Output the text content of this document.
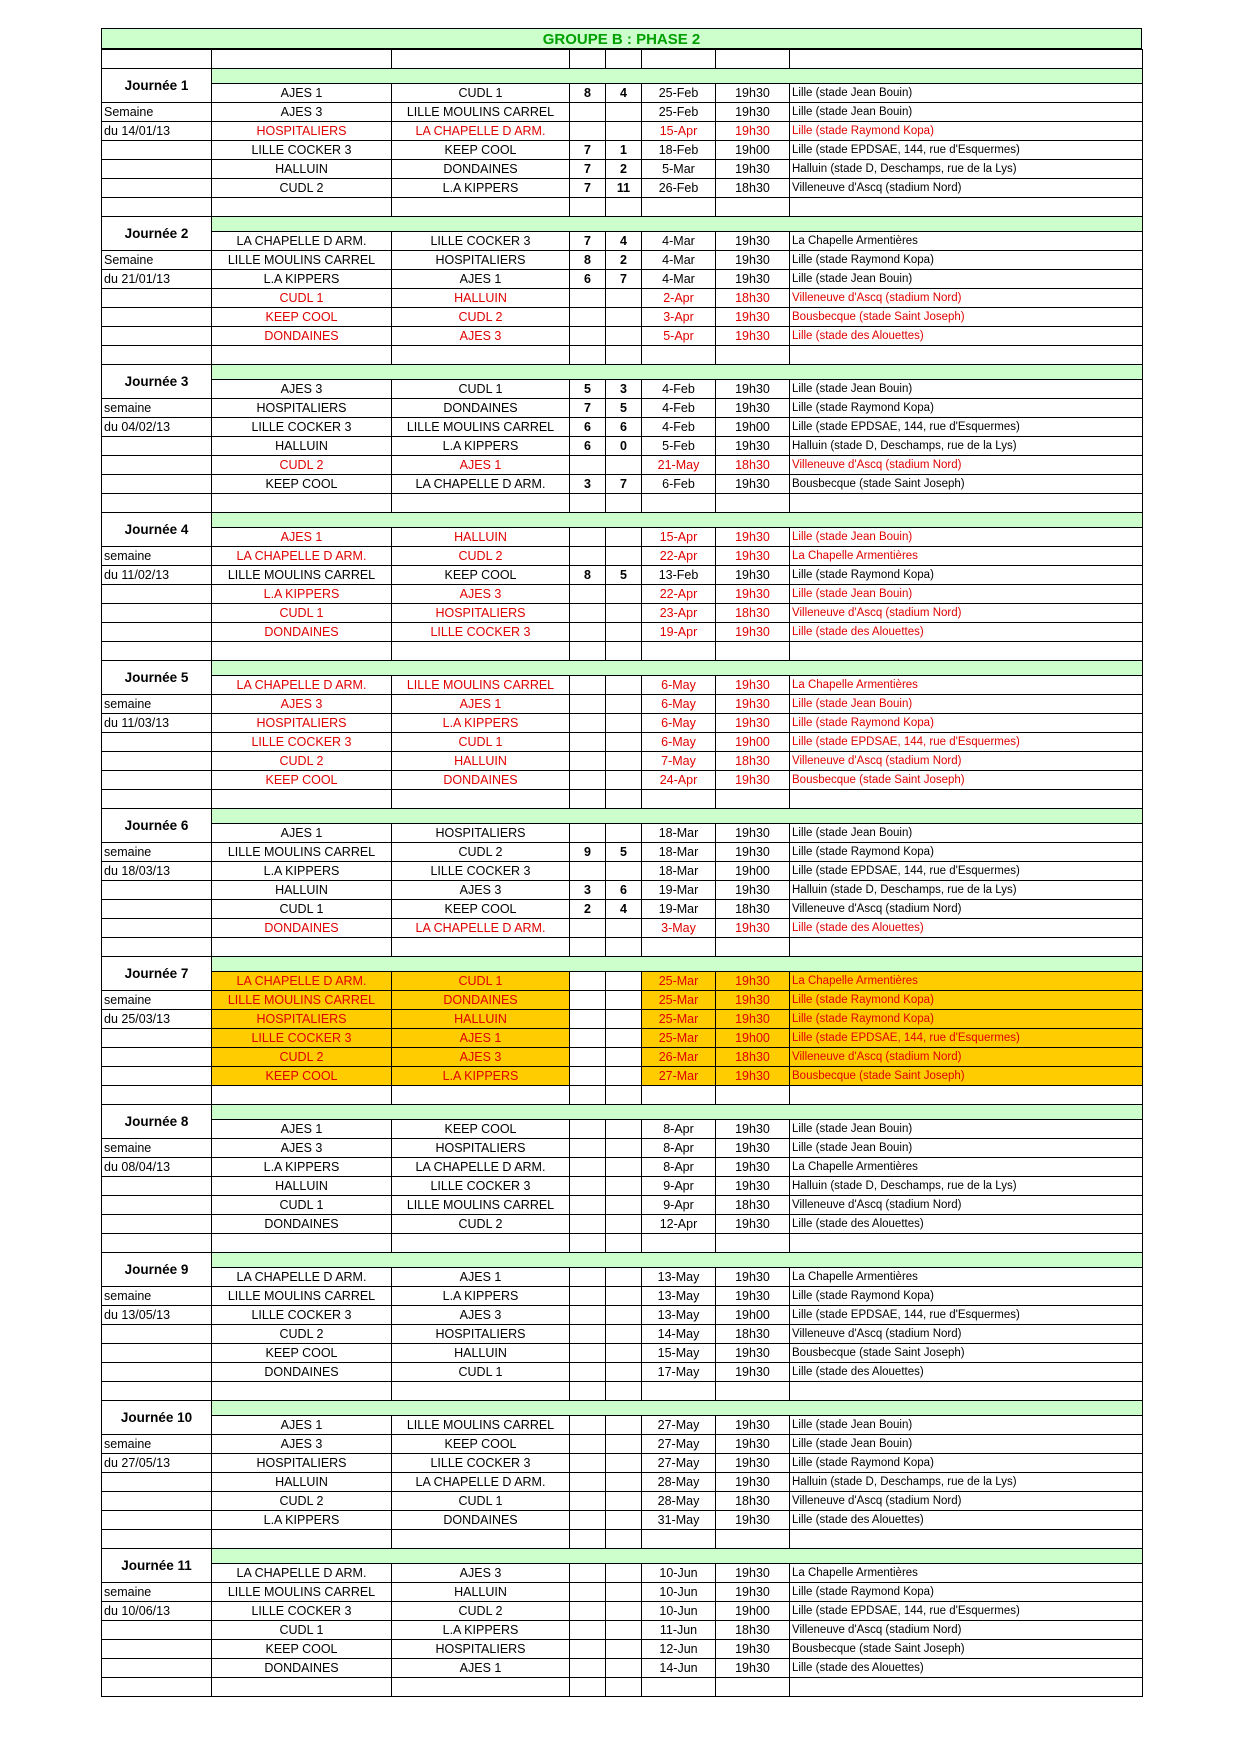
GROUPE B : PHASE 2

Journée 1							
	AJES 1	CUDL 1	8	4	25-Feb	19h30	Lille (stade Jean Bouin)
Semaine	AJES 3	LILLE MOULINS CARREL			25-Feb	19h30	Lille (stade Jean Bouin)
du 14/01/13	HOSPITALIERS	LA CHAPELLE D ARM.			15-Apr	19h30	Lille (stade Raymond Kopa)
	LILLE COCKER 3	KEEP COOL	7	1	18-Feb	19h00	Lille (stade EPDSAE, 144, rue d'Esquermes)
	HALLUIN	DONDAINES	7	2	5-Mar	19h30	Halluin (stade D, Deschamps, rue de la Lys)
	CUDL 2	L.A KIPPERS	7	11	26-Feb	18h30	Villeneuve d'Ascq (stadium Nord)

Journée 2							
	LA CHAPELLE D ARM.	LILLE COCKER 3	7	4	4-Mar	19h30	La Chapelle Armentières
Semaine	LILLE MOULINS CARREL	HOSPITALIERS	8	2	4-Mar	19h30	Lille (stade Raymond Kopa)
du 21/01/13	L.A KIPPERS	AJES 1	6	7	4-Mar	19h30	Lille (stade Jean Bouin)
	CUDL 1	HALLUIN			2-Apr	18h30	Villeneuve d'Ascq (stadium Nord)
	KEEP COOL	CUDL 2			3-Apr	19h30	Bousbecque (stade Saint Joseph)
	DONDAINES	AJES 3			5-Apr	19h30	Lille (stade des Alouettes)

Journée 3							
	AJES 3	CUDL 1	5	3	4-Feb	19h30	Lille (stade Jean Bouin)
semaine	HOSPITALIERS	DONDAINES	7	5	4-Feb	19h30	Lille (stade Raymond Kopa)
du 04/02/13	LILLE COCKER 3	LILLE MOULINS CARREL	6	6	4-Feb	19h00	Lille (stade EPDSAE, 144, rue d'Esquermes)
	HALLUIN	L.A KIPPERS	6	0	5-Feb	19h30	Halluin (stade D, Deschamps, rue de la Lys)
	CUDL 2	AJES 1			21-May	18h30	Villeneuve d'Ascq (stadium Nord)
	KEEP COOL	LA CHAPELLE D ARM.	3	7	6-Feb	19h30	Bousbecque (stade Saint Joseph)

Journée 4							
	AJES 1	HALLUIN			15-Apr	19h30	Lille (stade Jean Bouin)
semaine	LA CHAPELLE D ARM.	CUDL 2			22-Apr	19h30	La Chapelle Armentières
du 11/02/13	LILLE MOULINS CARREL	KEEP COOL	8	5	13-Feb	19h30	Lille (stade Raymond Kopa)
	L.A KIPPERS	AJES 3			22-Apr	19h30	Lille (stade Jean Bouin)
	CUDL 1	HOSPITALIERS			23-Apr	18h30	Villeneuve d'Ascq (stadium Nord)
	DONDAINES	LILLE COCKER 3			19-Apr	19h30	Lille (stade des Alouettes)

Journée 5							
	LA CHAPELLE D ARM.	LILLE MOULINS CARREL			6-May	19h30	La Chapelle Armentières
semaine	AJES 3	AJES 1			6-May	19h30	Lille (stade Jean Bouin)
du 11/03/13	HOSPITALIERS	L.A KIPPERS			6-May	19h30	Lille (stade Raymond Kopa)
	LILLE COCKER 3	CUDL 1			6-May	19h00	Lille (stade EPDSAE, 144, rue d'Esquermes)
	CUDL 2	HALLUIN			7-May	18h30	Villeneuve d'Ascq (stadium Nord)
	KEEP COOL	DONDAINES			24-Apr	19h30	Bousbecque (stade Saint Joseph)

Journée 6							
	AJES 1	HOSPITALIERS			18-Mar	19h30	Lille (stade Jean Bouin)
semaine	LILLE MOULINS CARREL	CUDL 2	9	5	18-Mar	19h30	Lille (stade Raymond Kopa)
du 18/03/13	L.A KIPPERS	LILLE COCKER 3			18-Mar	19h00	Lille (stade EPDSAE, 144, rue d'Esquermes)
	HALLUIN	AJES 3	3	6	19-Mar	19h30	Halluin (stade D, Deschamps, rue de la Lys)
	CUDL 1	KEEP COOL	2	4	19-Mar	18h30	Villeneuve d'Ascq (stadium Nord)
	DONDAINES	LA CHAPELLE D ARM.			3-May	19h30	Lille (stade des Alouettes)

Journée 7							
	LA CHAPELLE D ARM.	CUDL 1			25-Mar	19h30	La Chapelle Armentières
semaine	LILLE MOULINS CARREL	DONDAINES			25-Mar	19h30	Lille (stade Raymond Kopa)
du 25/03/13	HOSPITALIERS	HALLUIN			25-Mar	19h30	Lille (stade Raymond Kopa)
	LILLE COCKER 3	AJES 1			25-Mar	19h00	Lille (stade EPDSAE, 144, rue d'Esquermes)
	CUDL 2	AJES 3			26-Mar	18h30	Villeneuve d'Ascq (stadium Nord)
	KEEP COOL	L.A KIPPERS			27-Mar	19h30	Bousbecque (stade Saint Joseph)

Journée 8							
	AJES 1	KEEP COOL			8-Apr	19h30	Lille (stade Jean Bouin)
semaine	AJES 3	HOSPITALIERS			8-Apr	19h30	Lille (stade Jean Bouin)
du 08/04/13	L.A KIPPERS	LA CHAPELLE D ARM.			8-Apr	19h30	La Chapelle Armentières
	HALLUIN	LILLE COCKER 3			9-Apr	19h30	Halluin (stade D, Deschamps, rue de la Lys)
	CUDL 1	LILLE MOULINS CARREL			9-Apr	18h30	Villeneuve d'Ascq (stadium Nord)
	DONDAINES	CUDL 2			12-Apr	19h30	Lille (stade des Alouettes)

Journée 9							
	LA CHAPELLE D ARM.	AJES 1			13-May	19h30	La Chapelle Armentières
semaine	LILLE MOULINS CARREL	L.A KIPPERS			13-May	19h30	Lille (stade Raymond Kopa)
du 13/05/13	LILLE COCKER 3	AJES 3			13-May	19h00	Lille (stade EPDSAE, 144, rue d'Esquermes)
	CUDL 2	HOSPITALIERS			14-May	18h30	Villeneuve d'Ascq (stadium Nord)
	KEEP COOL	HALLUIN			15-May	19h30	Bousbecque (stade Saint Joseph)
	DONDAINES	CUDL 1			17-May	19h30	Lille (stade des Alouettes)

Journée 10							
	AJES 1	LILLE MOULINS CARREL			27-May	19h30	Lille (stade Jean Bouin)
semaine	AJES 3	KEEP COOL			27-May	19h30	Lille (stade Jean Bouin)
du 27/05/13	HOSPITALIERS	LILLE COCKER 3			27-May	19h30	Lille (stade Raymond Kopa)
	HALLUIN	LA CHAPELLE D ARM.			28-May	19h30	Halluin (stade D, Deschamps, rue de la Lys)
	CUDL 2	CUDL 1			28-May	18h30	Villeneuve d'Ascq (stadium Nord)
	L.A KIPPERS	DONDAINES			31-May	19h30	Lille (stade des Alouettes)

Journée 11							
	LA CHAPELLE D ARM.	AJES 3			10-Jun	19h30	La Chapelle Armentières
semaine	LILLE MOULINS CARREL	HALLUIN			10-Jun	19h30	Lille (stade Raymond Kopa)
du 10/06/13	LILLE COCKER 3	CUDL 2			10-Jun	19h00	Lille (stade EPDSAE, 144, rue d'Esquermes)
	CUDL 1	L.A KIPPERS			11-Jun	18h30	Villeneuve d'Ascq (stadium Nord)
	KEEP COOL	HOSPITALIERS			12-Jun	19h30	Bousbecque (stade Saint Joseph)
	DONDAINES	AJES 1			14-Jun	19h30	Lille (stade des Alouettes)
